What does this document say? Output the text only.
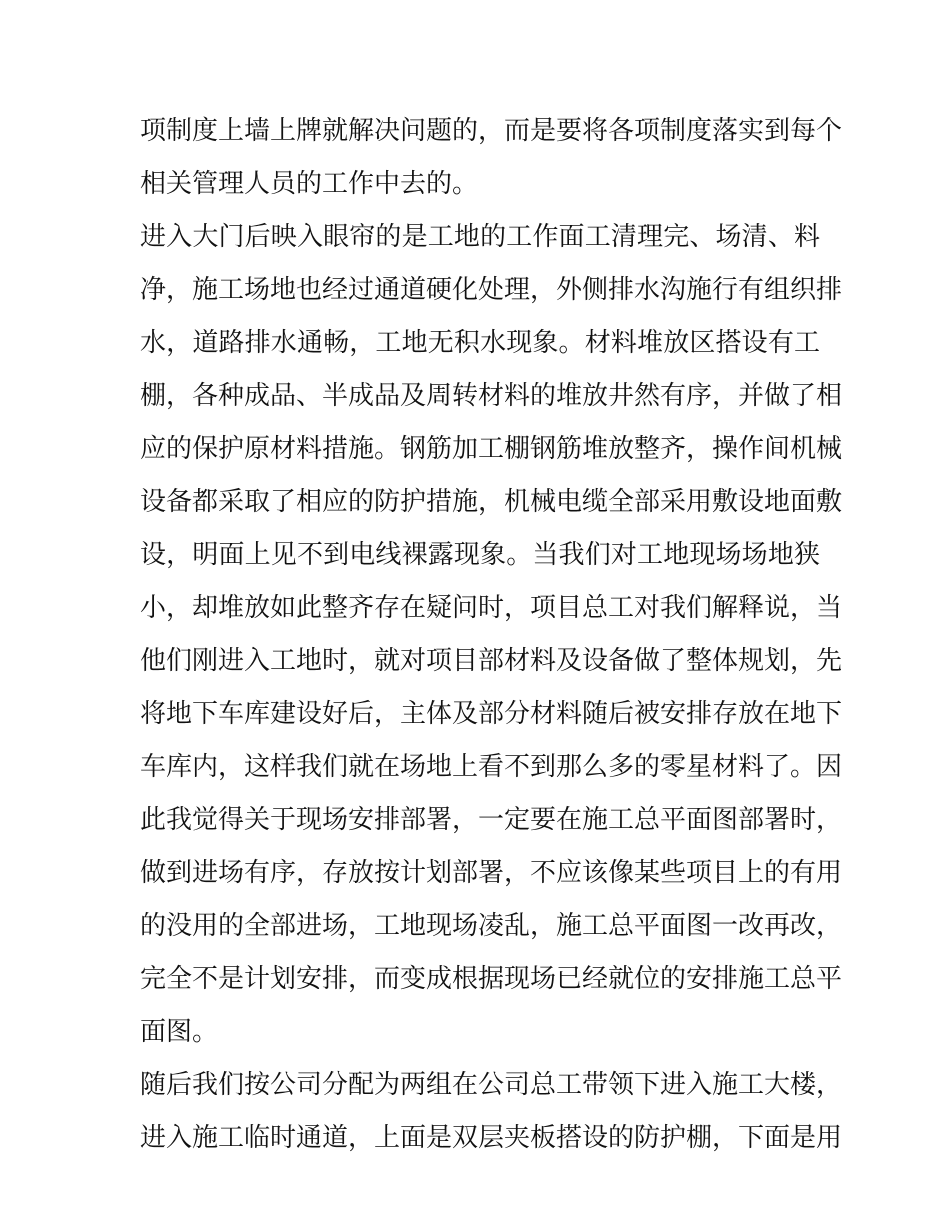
项制度上墙上牌就解决问题的，而是要将各项制度落实到每个
相关管理人员的工作中去的。
进入大门后映入眼帘的是工地的工作面工清理完、场清、料
净，施工场地也经过通道硬化处理，外侧排水沟施行有组织排
水，道路排水通畅，工地无积水现象。材料堆放区搭设有工
棚，各种成品、半成品及周转材料的堆放井然有序，并做了相
应的保护原材料措施。钢筋加工棚钢筋堆放整齐，操作间机械
设备都采取了相应的防护措施，机械电缆全部采用敷设地面敷
设，明面上见不到电线裸露现象。当我们对工地现场场地狭
小，却堆放如此整齐存在疑问时，项目总工对我们解释说，当
他们刚进入工地时，就对项目部材料及设备做了整体规划，先
将地下车库建设好后，主体及部分材料随后被安排存放在地下
车库内，这样我们就在场地上看不到那么多的零星材料了。因
此我觉得关于现场安排部署，一定要在施工总平面图部署时，
做到进场有序，存放按计划部署，不应该像某些项目上的有用
的没用的全部进场，工地现场凌乱，施工总平面图一改再改，
完全不是计划安排，而变成根据现场已经就位的安排施工总平
面图。
随后我们按公司分配为两组在公司总工带领下进入施工大楼，
进入施工临时通道，上面是双层夹板搭设的防护棚，下面是用
